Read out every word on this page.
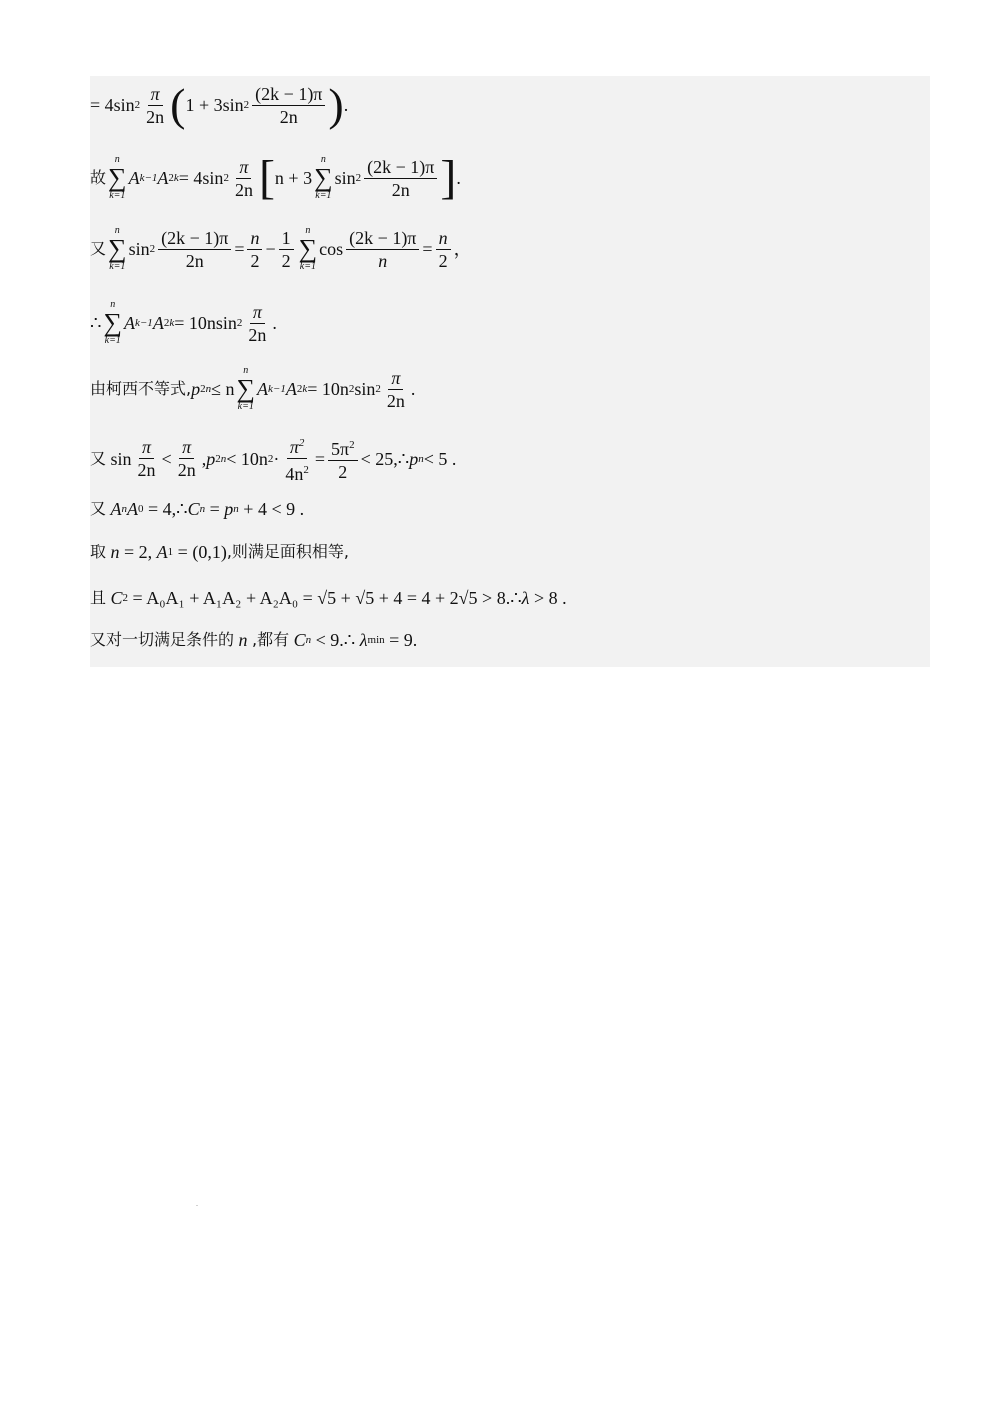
= 4sin $2 \frac{\pi}{2n}$ ( 1 + 3sin $2 \frac{(2k - 1)\pi}{2n}$ ) .
故
n
∑
k=1
A k−1 A 2 k = 4sin $2 \frac{\pi}{2n}$ [ n + 3
n
∑
k=1
$\sin 2 \frac{(2k - 1)\pi}{2n}$ ] .
又
n
∑
k=1
$\sin 2 \frac{(2k - 1)\pi}{2n} = \frac{n}{2} - \frac{1}{2}$ n
∑
k=1
$\cos \frac{(2k - 1)\pi}{n} = \frac{n}{2}$ ，
∴
n
∑
k=1
A k−1 A 2 k = 10nsin $2 \frac{\pi}{2n}$ .
由柯西不等式, p 2 n ≤ n
n
∑
k=1
A k−1 A 2 k = 10n 2 $\sin 2 \frac{\pi}{2n}$ .
又
$\sin \frac{\pi}{2n} < \frac{\pi}{2n}$ , p 2 n < 10n $2 \cdot \frac{\pi^2}{4n^2} = \frac{5\pi^2}{2}$ < 25,∴ p n < 5
.
又
A n A 0
= 4,∴ C n
=
p n
+ 4 < 9
.
取
n
= 2,
A 1
= (0,1) ,则满足面积相等,
且
C 2
= A₀A₁ + A₁A₂ + A₂A₀ = √5 + √5 + 4 = 4 + 2√5 > 8.∴ λ
> 8
.
又对一切满足条件的
n
,都有
C n
< 9.∴
λ min
= 9.
.
